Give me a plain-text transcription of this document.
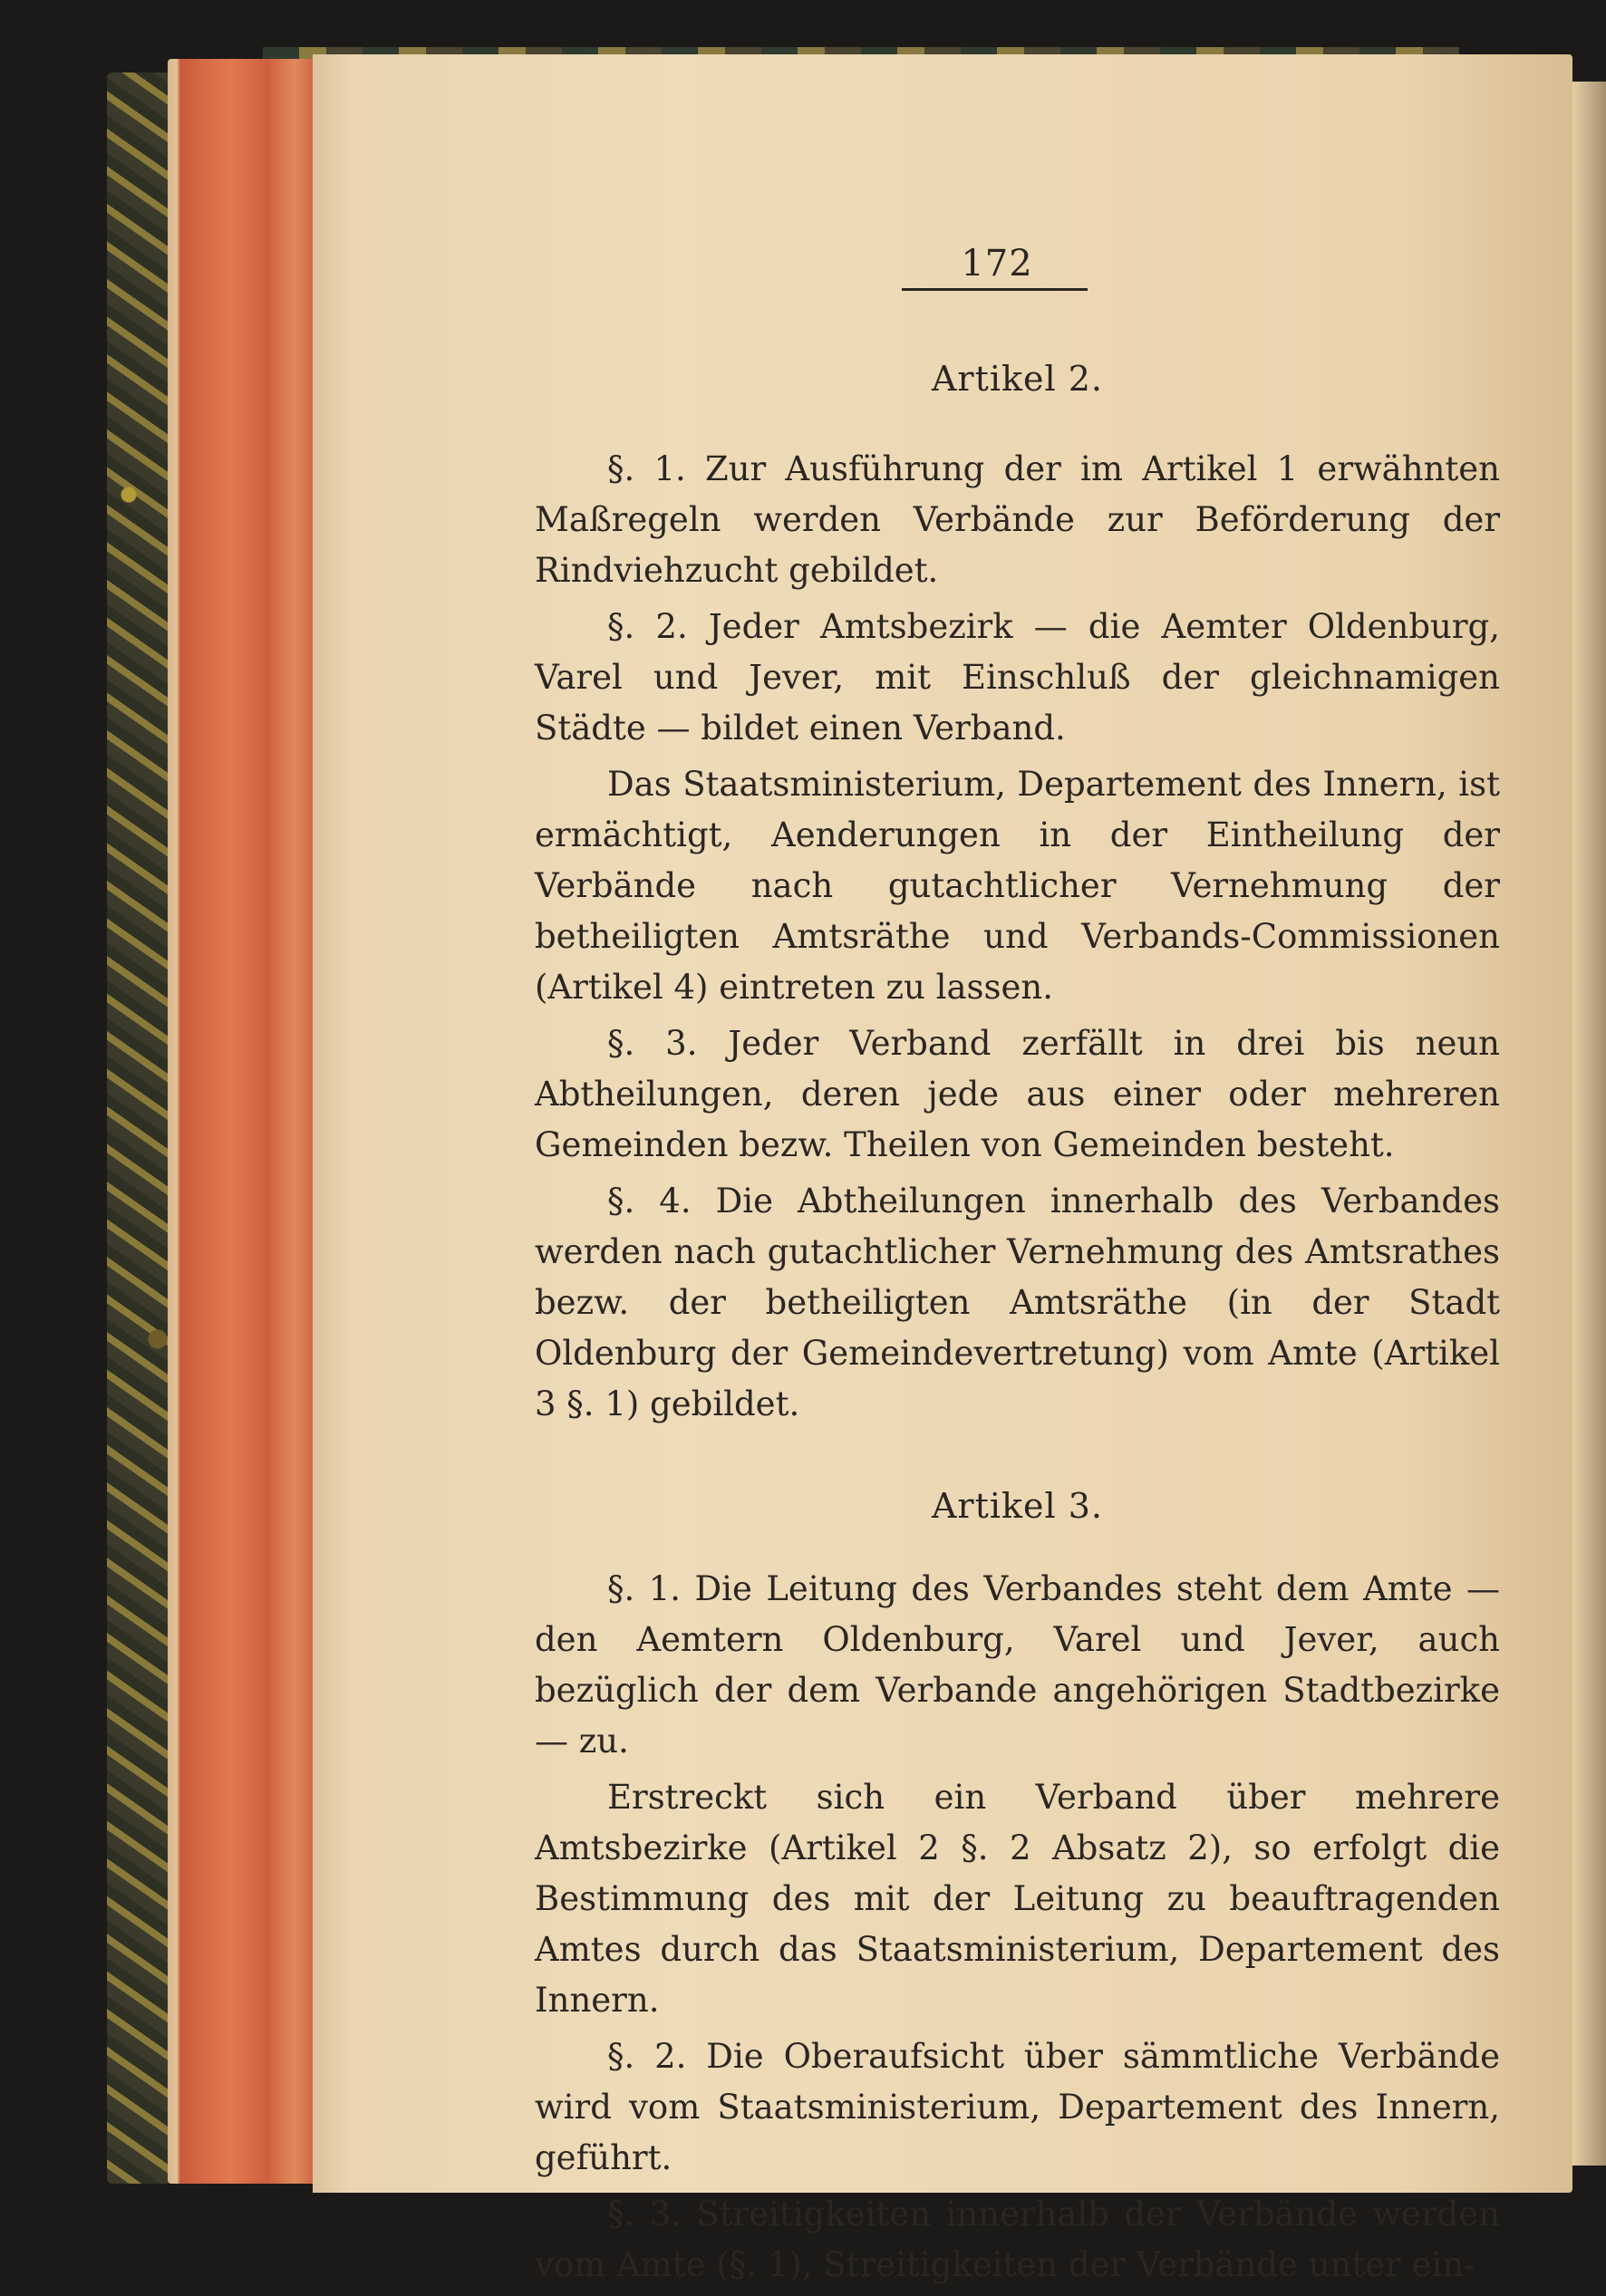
172
Artikel 2.

§. 1. Zur Ausführung der im Artikel 1 erwähnten Maßregeln werden Verbände zur Beförderung der Rindviehzucht gebildet.

§. 2. Jeder Amtsbezirk — die Aemter Oldenburg, Varel und Jever, mit Einschluß der gleichnamigen Städte — bildet einen Verband.

Das Staatsministerium, Departement des Innern, ist ermächtigt, Aenderungen in der Eintheilung der Verbände nach gutachtlicher Vernehmung der betheiligten Amtsräthe und Verbands-Commissionen (Artikel 4) eintreten zu lassen.

§. 3. Jeder Verband zerfällt in drei bis neun Abtheilungen, deren jede aus einer oder mehreren Gemeinden bezw. Theilen von Gemeinden besteht.

§. 4. Die Abtheilungen innerhalb des Verbandes werden nach gutachtlicher Vernehmung des Amtsrathes bezw. der betheiligten Amtsräthe (in der Stadt Oldenburg der Gemeindevertretung) vom Amte (Artikel 3 §. 1) gebildet.

Artikel 3.

§. 1. Die Leitung des Verbandes steht dem Amte — den Aemtern Oldenburg, Varel und Jever, auch bezüglich der dem Verbande angehörigen Stadtbezirke — zu.

Erstreckt sich ein Verband über mehrere Amtsbezirke (Artikel 2 §. 2 Absatz 2), so erfolgt die Bestimmung des mit der Leitung zu beauftragenden Amtes durch das Staatsministerium, Departement des Innern.

§. 2. Die Oberaufsicht über sämmtliche Verbände wird vom Staatsministerium, Departement des Innern, geführt.

§. 3. Streitigkeiten innerhalb der Verbände werden vom Amte (§. 1), Streitigkeiten der Verbände unter ein-
